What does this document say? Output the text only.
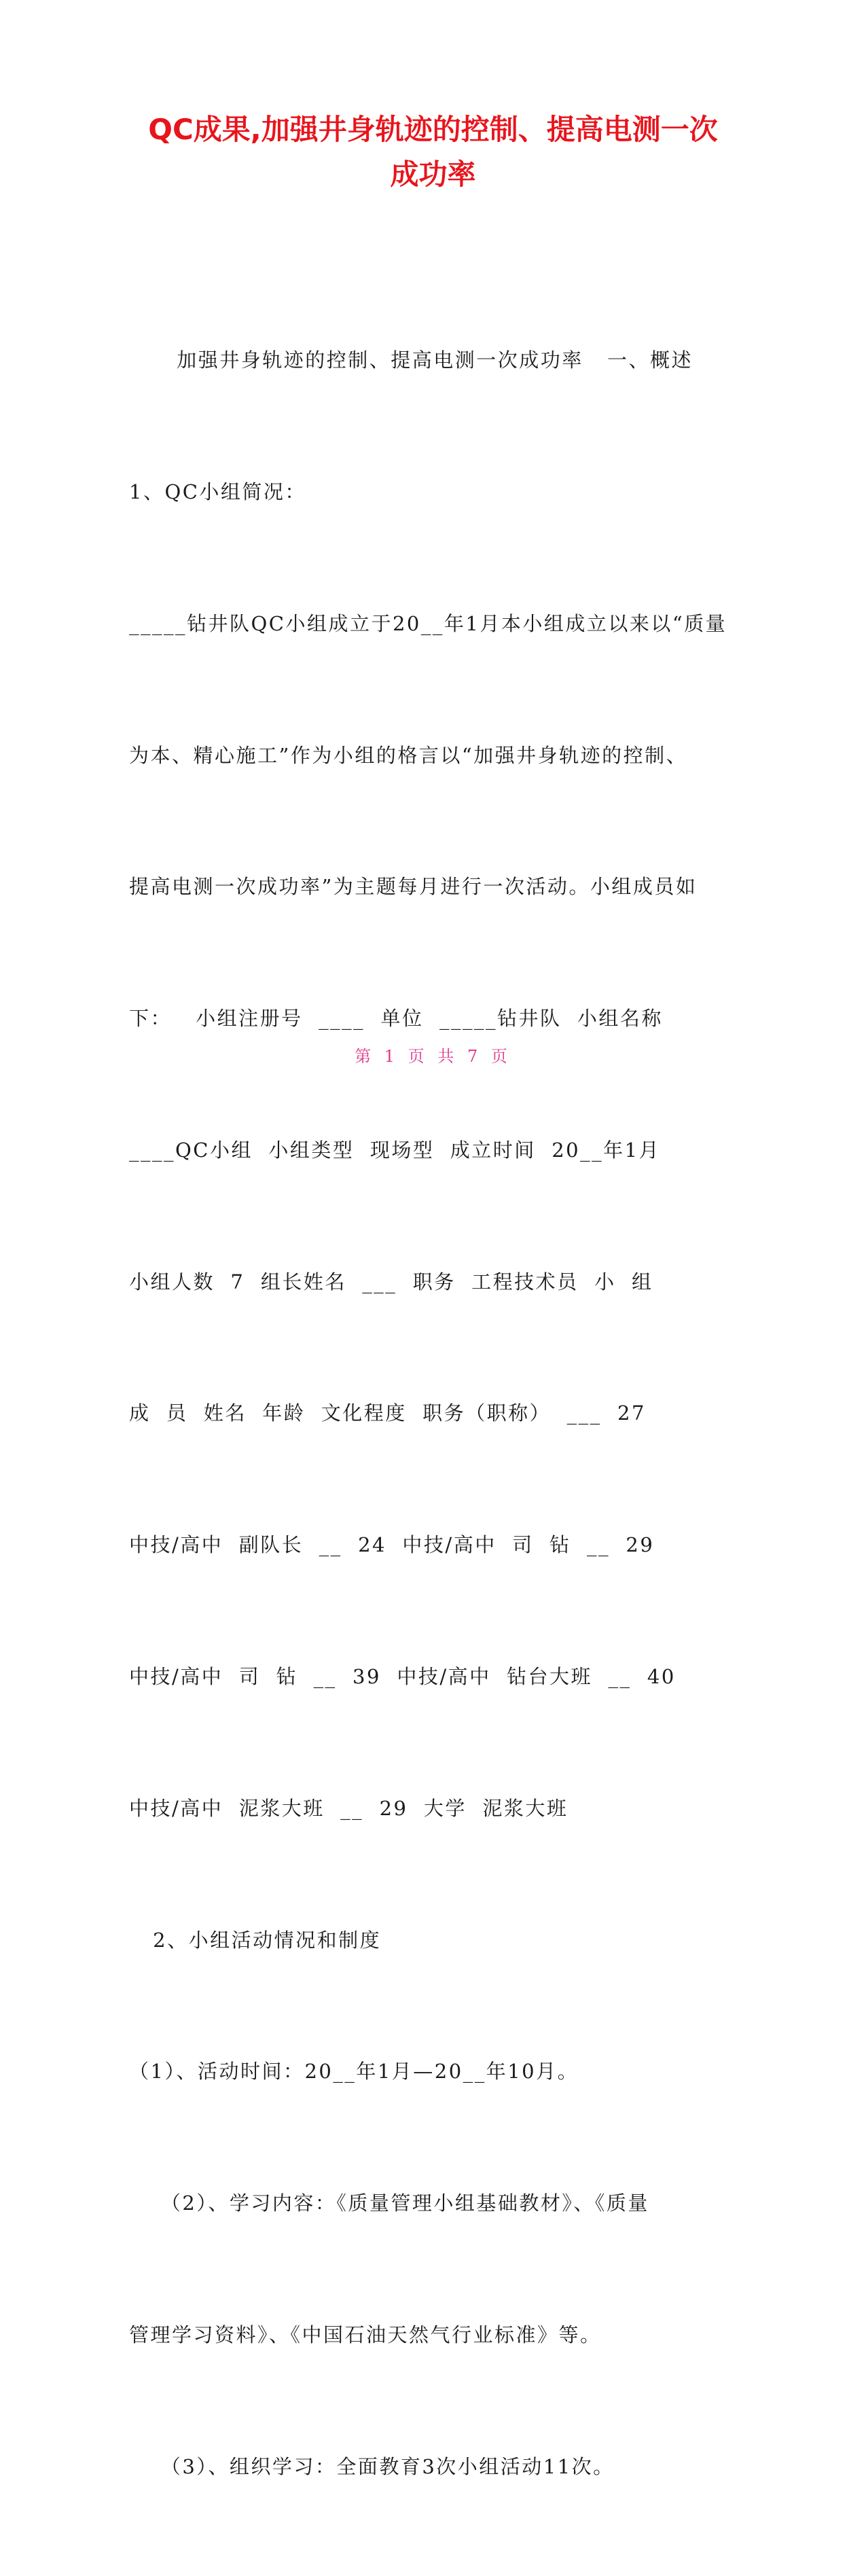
QC成果,加强井身轨迹的控制、提高电测一次
成功率

加强井身轨迹的控制、提高电测一次成功率   一、概述

1、QC小组简况：

_____钻井队QC小组成立于20__年1月本小组成立以来以“质量

为本、精心施工”作为小组的格言以“加强井身轨迹的控制、

提高电测一次成功率”为主题每月进行一次活动。小组成员如

下：   小组注册号  ____  单位  _____钻井队  小组名称

____QC小组  小组类型  现场型  成立时间  20__年1月

小组人数  7  组长姓名  ___  职务  工程技术员  小  组

成  员  姓名  年龄  文化程度  职务（职称）  ___  27

中技/高中  副队长  __  24  中技/高中  司  钻  __  29

中技/高中  司  钻  __  39  中技/高中  钻台大班  __  40

中技/高中  泥浆大班  __  29  大学  泥浆大班

2、小组活动情况和制度

（1）、活动时间：20__年1月—20__年10月。

（2）、学习内容：《质量管理小组基础教材》、《质量

管理学习资料》、《中国石油天然气行业标准》等。

（3）、组织学习：全面教育3次小组活动11次。

第 1 页 共 7 页
